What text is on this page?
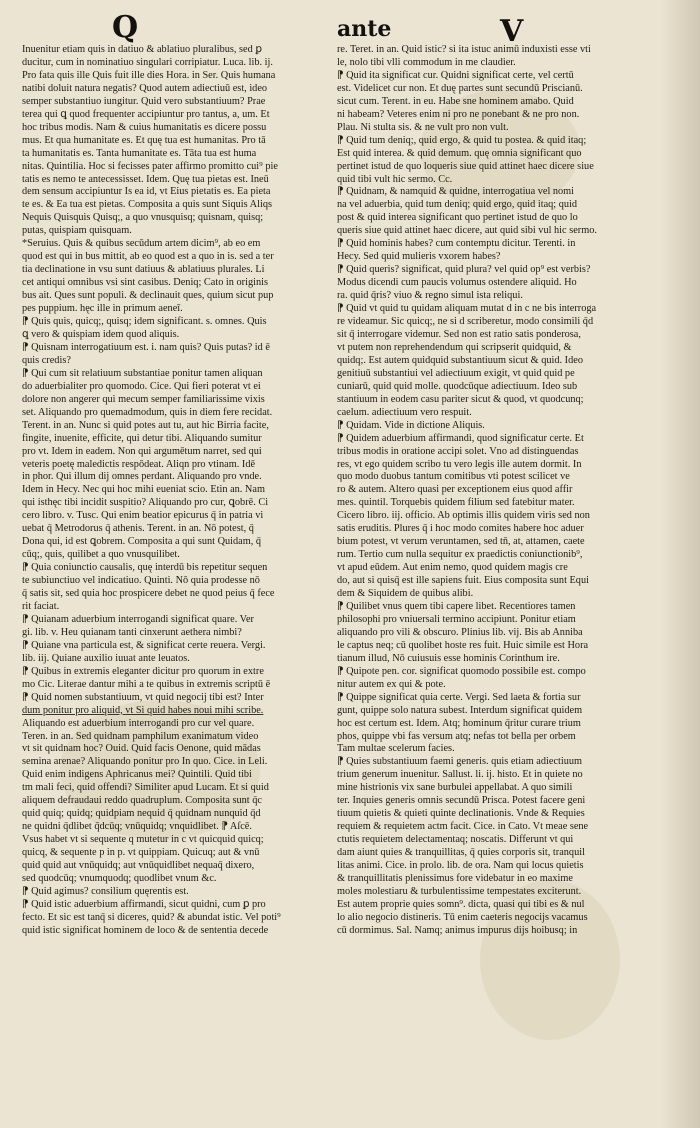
Q	ante	V
Inuenitur etiam quis in datiuo & ablatiuo pluralibus, sed ꝑ
ducitur, cum in nominatiuo singulari corripiatur. Luca. lib. ij.
Pro fata quis ille Quis fuit ille dies Hora. in Ser. Quis humana
natibi doluit natura negatis? Quod autem adiectiuū est, ideo
semper substantiuo iungitur. Quid vero substantiuum? Prae
terea qui ꝗ quod frequenter accipiuntur pro tantus, a, um. Et
hoc tribus modis. Nam & cuius humanitatis es dicere possu
mus. Et qua humanitate es. Et quę tua est humanitas. Pro tā
ta humanitatis es. Tanta humanitate es. Tāta tua est huma
nitas. Quintilia. Hoc si fecisses pater affirmo promitto cui⁹ pie
tatis es nemo te antecessisset. Idem. Quę tua pietas est. Ineū
dem sensum accipiuntur Is ea id, vt Eius pietatis es. Ea pieta
te es. & Ea tua est pietas. Composita a quis sunt Siquis Aliqs
Nequis Quisquis Quisq;, a quo vnusquisq; quisnam, quisq;
putas, quispiam quisquam.
*Seruius. Quis & quibus secūdum artem dicim⁹, ab eo em
quod est qui in bus mittit, ab eo quod est a quo in is. sed a ter
tia declinatione in vsu sunt datiuus & ablatiuus plurales. Li
cet antiqui omnibus vsi sint casibus. Deniq; Cato in originis
bus ait. Ques sunt populi. & declinauit ques, quium sicut pup
pes puppium. hęc ille in primum aeneī.
⁋ Quis quis, quicq;, quisq; idem significant. s. omnes. Quis
ꝗ vero & quispiam idem quod aliquis.
⁋ Quisnam interrogatiuum est. i. nam quis? Quis putas? id ē
quis credis?
⁋ Qui cum sit relatiuum substantiae ponitur tamen aliquan
do aduerbialiter pro quomodo. Cice. Qui fieri poterat vt ei
dolore non angerer qui mecum semper familiarissime vixis
set. Aliquando pro quemadmodum, quis in diem fere recidat.
Terent. in an. Nunc si quid potes aut tu, aut hic Birria facite,
fingite, inuenite, efficite, qui detur tibi. Aliquando sumitur
pro vt. Idem in eadem. Non qui argumētum narret, sed qui
veteris poetę maledictis respōdeat. Aliqn pro vtinam. Idē
in phor. Qui illum dij omnes perdant. Aliquando pro vnde.
Idem in Hecy. Nec qui hoc mihi eueniat scio. Etin an. Nam
qui isthęc tibi incidit suspitio? Aliquando pro cur, ꝗobrē. Ci
cero libro. v. Tusc. Qui enim beatior epicurus q̄ in patria vi
uebat q̄ Metrodorus q̄ athenis. Terent. in an. Nō potest, q̄
Dona qui, id est ꝗobrem. Composita a qui sunt Quidam, q̄
cūq;, quis, quilibet a quo vnusquilibet.
⁋ Quia coniunctio causalis, quę interdū bis repetitur sequen
te subiunctiuo vel indicatiuo. Quinti. Nō quia prodesse nō
q̄ satis sit, sed quia hoc prospicere debet ne quod peius q̄ fece
rit faciat.
⁋ Quianam aduerbium interrogandi significat quare. Ver
gi. lib. v. Heu quianam tanti cinxerunt aethera nimbi?
⁋ Quiane vna particula est, & significat certe reuera. Vergi.
lib. iij. Quiane auxilio iuuat ante leuatos.
⁋ Quibus in extremis eleganter dicitur pro quorum in extre
mo Cic. Literae dantur mihi a te quibus in extremis scriptū ē
⁋ Quid nomen substantiuum, vt quid negocij tibi est? Inter
dum ponitur pro aliquid, vt Si quid habes noui mihi scribe.
Aliquando est aduerbium interrogandi pro cur vel quare.
Teren. in an. Sed quidnam pamphilum exanimatum video
vt sit quidnam hoc? Ouid. Quid facis Oenone, quid mādas
semina arenae? Aliquando ponitur pro In quo. Cice. in Leli.
Quid enim indigens Aphricanus mei? Quintili. Quid tibi
tm mali feci, quid offendi? Similiter apud Lucam. Et si quid
aliquem defraudaui reddo quadruplum. Composita sunt q̄c
quid quiq; quidq; quidpiam nequid q̄ quidnam nunquid q̄d
ne quidni q̄dlibet q̄dcūq; vnūquidq; vnquidlibet. ⁋ Aſcē.
Vsus habet vt si sequente q mutetur in c vt quicquid quicq;
quicq, & sequente p in p. vt quippiam. Quicuq; aut & vnū
quid quid aut vnūquidq; aut vnūquidlibet nequaq̄ dixero,
sed quodcūq; vnumquodq; quodlibet vnum &c.
⁋ Quid agimus? consilium quęrentis est.
⁋ Quid istic aduerbium affirmandi, sicut quidni, cum ꝑ pro
fecto. Et sic est tanq̄ si diceres, quid? & abundat istic. Vel poti⁹
quid istic significat hominem de loco & de sententia decede
re. Teret. in an. Quid istic? si ita istuc animū induxisti esse vti
le, nolo tibi vlli commodum in me claudier.
⁋ Quid ita significat cur. Quidni significat certe, vel certū
est. Videlicet cur non. Et duę partes sunt secundū Priscianū.
sicut cum. Terent. in eu. Habe sne hominem amabo. Quid
ni habeam? Veteres enim ni pro ne ponebant & ne pro non.
Plau. Ni stulta sis. & ne vult pro non vult.
⁋ Quid tum deniq;, quid ergo, & quid tu postea. & quid itaq;
Est quid interea. & quid demum. quę omnia significant quo
pertinet istud de quo loqueris siue quid attinet haec dicere siue
quid tibi vult hic sermo. Cc.
⁋ Quidnam, & namquid & quidne, interrogatiua vel nomi
na vel aduerbia, quid tum deniq; quid ergo, quid itaq; quid
post & quid interea significant quo pertinet istud de quo lo
queris siue quid attinet haec dicere, aut quid sibi vul hic sermo.
⁋ Quid hominis habes? cum contemptu dicitur. Terenti. in
Hecy. Sed quid mulieris vxorem habes?
⁋ Quid queris? significat, quid plura? vel quid op⁹ est verbis?
Modus dicendi cum paucis volumus ostendere aliquid. Ho
ra. quid q̄ris? viuo & regno simul ista reliqui.
⁋ Quid vt quid tu quidam aliquam mutat d in c ne bis interroga
re videamur. Sic quicq;, ne si d scriberetur, modo consimili q̄d
sit q̄ interrogare videmur. Sed non est ratio satis ponderosa,
vt putem non reprehendendum qui scripserit quidquid, &
quidq;. Est autem quidquid substantiuum sicut & quid. Ideo
genitiuū substantiui vel adiectiuum exigit, vt quid quid pe
cuniarū, quid quid molle. quodcūque adiectiuum. Ideo sub
stantiuum in eodem casu pariter sicut & quod, vt quodcunq;
caelum. adiectiuum vero respuit.
⁋ Quidam. Vide in dictione Aliquis.
⁋ Quidem aduerbium affirmandi, quod significatur certe. Et
tribus modis in oratione accipi solet. Vno ad distinguendas
res, vt ego quidem scribo tu vero legis ille autem dormit. In
quo modo duobus tantum comitibus vti potest scilicet ve
ro & autem. Altero quasi per exceptionem eius quod affir
mes. quintil. Torquebis quidem filium sed fatebitur mater.
Cicero libro. iij. officio. Ab optimis illis quidem viris sed non
satis eruditis. Plures q̄ i hoc modo comites habere hoc aduer
bium potest, vt verum veruntamen, sed tn̄, at, attamen, caete
rum. Tertio cum nulla sequitur ex praedictis coniunctionib⁹,
vt apud eūdem. Aut enim nemo, quod quidem magis cre
do, aut si quisq̄ est ille sapiens fuit. Eius composita sunt Equi
dem & Siquidem de quibus alibi.
⁋ Quilibet vnus quem tibi capere libet. Recentiores tamen
philosophi pro vniuersali termino accipiunt. Ponitur etiam
aliquando pro vili & obscuro. Plinius lib. vij. Bis ab Anniba
le captus neq; cū quolibet hoste res fuit. Huic simile est Hora
tianum illud, Nō cuiusuis esse hominis Corinthum ire.
⁋ Quipote pen. cor. significat quomodo possibile est. compo
nitur autem ex qui & pote.
⁋ Quippe significat quia certe. Vergi. Sed laeta & fortia sur
gunt, quippe solo natura subest. Interdum significat quidem
hoc est certum est. Idem. Atq; hominum q̄ritur curare trium
phos, quippe vbi fas versum atq; nefas tot bella per orbem
Tam multae scelerum facies.
⁋ Quies substantiuum faemi generis. quis etiam adiectiuum
trium generum inuenitur. Sallust. li. ij. histo. Et in quiete no
mine histrionis vix sane burbulei appellabat. A quo simili
ter. Inquies generis omnis secundū Prisca. Potest facere geni
tiuum quietis & quieti quinte declinationis. Vnde & Requies
requiem & requietem actm facit. Cice. in Cato. Vt meae sene
ctutis requietem delectamentaq; noscatis. Differunt vt qui
dam aiunt quies & tranquillitas, q̄ quies corporis sit, tranquil
litas animi. Cice. in prolo. lib. de ora. Nam qui locus quietis
& tranquillitatis plenissimus fore videbatur in eo maxime
moles molestiaru & turbulentissime tempestates exciterunt.
Est autem proprie quies somn⁹. dicta, quasi qui tibi es & nul
lo alio negocio distineris. Tū enim caeteris negocijs vacamus
cū dormimus. Sal. Namq; animus impurus dijs hoibusq; in
